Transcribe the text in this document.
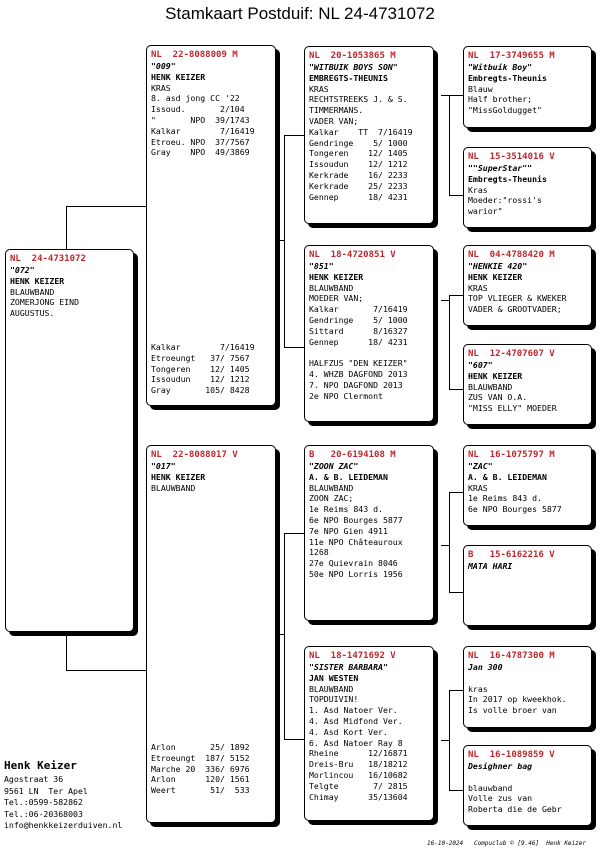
Stamkaart Postduif: NL 24-4731072
NL  24-4731072
"072"
HENK KEIZER
BLAUWBAND
ZOMERJONG EIND
AUGUSTUS.
NL  22-8088009 M
"009"
HENK KEIZER
KRAS
8. asd jong CC '22
Issoud.       2/104
"       NPO  39/1743
Kalkar        7/16419
Etroeu. NPO  37/7567
Gray    NPO  49/3869
Kalkar        7/16419
Etroeungt   37/ 7567
Tongeren    12/ 1405
Issoudun    12/ 1212
Gray       105/ 8428
NL  22-8088017 V
"017"
HENK KEIZER
BLAUWBAND
Arlon       25/ 1892
Etroeungt  187/ 5152
Marche 20  336/ 6976
Arlon      120/ 1561
Weert       51/  533
NL  20-1053865 M
"WITBUIK BOYS SON"
EMBREGTS-THEUNIS
KRAS
RECHTSTREEKS J. & S.
TIMMERMANS.
VADER VAN;
Kalkar    TT  7/16419
Gendringe    5/ 1000
Tongeren    12/ 1405
Issoudun    12/ 1212
Kerkrade    16/ 2233
Kerkrade    25/ 2233
Gennep      18/ 4231
NL  18-4720851 V
"851"
HENK KEIZER
BLAUWBAND
MOEDER VAN;
Kalkar       7/16419
Gendringe    5/ 1000
Sittard      8/16327
Gennep      18/ 4231
HALFZUS "DEN KEIZER"
4. WHZB DAGFOND 2013
7. NPO DAGFOND 2013
2e NPO Clermont
B   20-6194108 M
"ZOON ZAC"
A. & B. LEIDEMAN
BLAUWBAND
ZOON ZAC;
1e Reims 843 d.
6e NPO Bourges 5877
7e NPO Gien 4911
11e NPO Châteauroux
1268
27e Quievrain 8046
50e NPO Lorris 1956
NL  18-1471692 V
"SISTER BARBARA"
JAN WESTEN
BLAUWBAND
TOPDUIVIN!
1. Asd Natoer Ver.
4. Asd Midfond Ver.
4. Asd Kort Ver.
6. Asd Natoer Ray 8
Rheine      12/16871
Dreis-Bru   18/18212
Morlincou   16/10682
Telgte       7/ 2815
Chimay      35/13604
NL  17-3749655 M
"Witbuik Boy"
Embregts-Theunis
Blauw
Half brother;
"MissGoldugget"
NL  15-3514016 V
""SuperStar""
Embregts-Theunis
Kras
Moeder:"rossi's
warior"
NL  04-4788420 M
"HENKIE 420"
HENK KEIZER
KRAS
TOP VLIEGER & KWEKER
VADER & GROOTVADER;
NL  12-4707607 V
"607"
HENK KEIZER
BLAUWBAND
ZUS VAN O.A.
"MISS ELLY" MOEDER
NL  16-1075797 M
"ZAC"
A. & B. LEIDEMAN
KRAS
1e Reims 843 d.
6e NPO Bourges 5877
B   15-6162216 V
MATA HARI
NL  16-4787300 M
Jan 300
kras
In 2017 op kweekhok.
Is volle broer van
NL  16-1089859 V
Desighner bag
blauwband
Volle zus van
Roberta die de Gebr
Henk Keizer
Agostraat 36
9561 LN  Ter Apel
Tel.:0599-582862
Tel.:06-20368003
info@henkkeizerduiven.nl
16-10-2024   Compuclub © [9.46]  Henk Keizer
